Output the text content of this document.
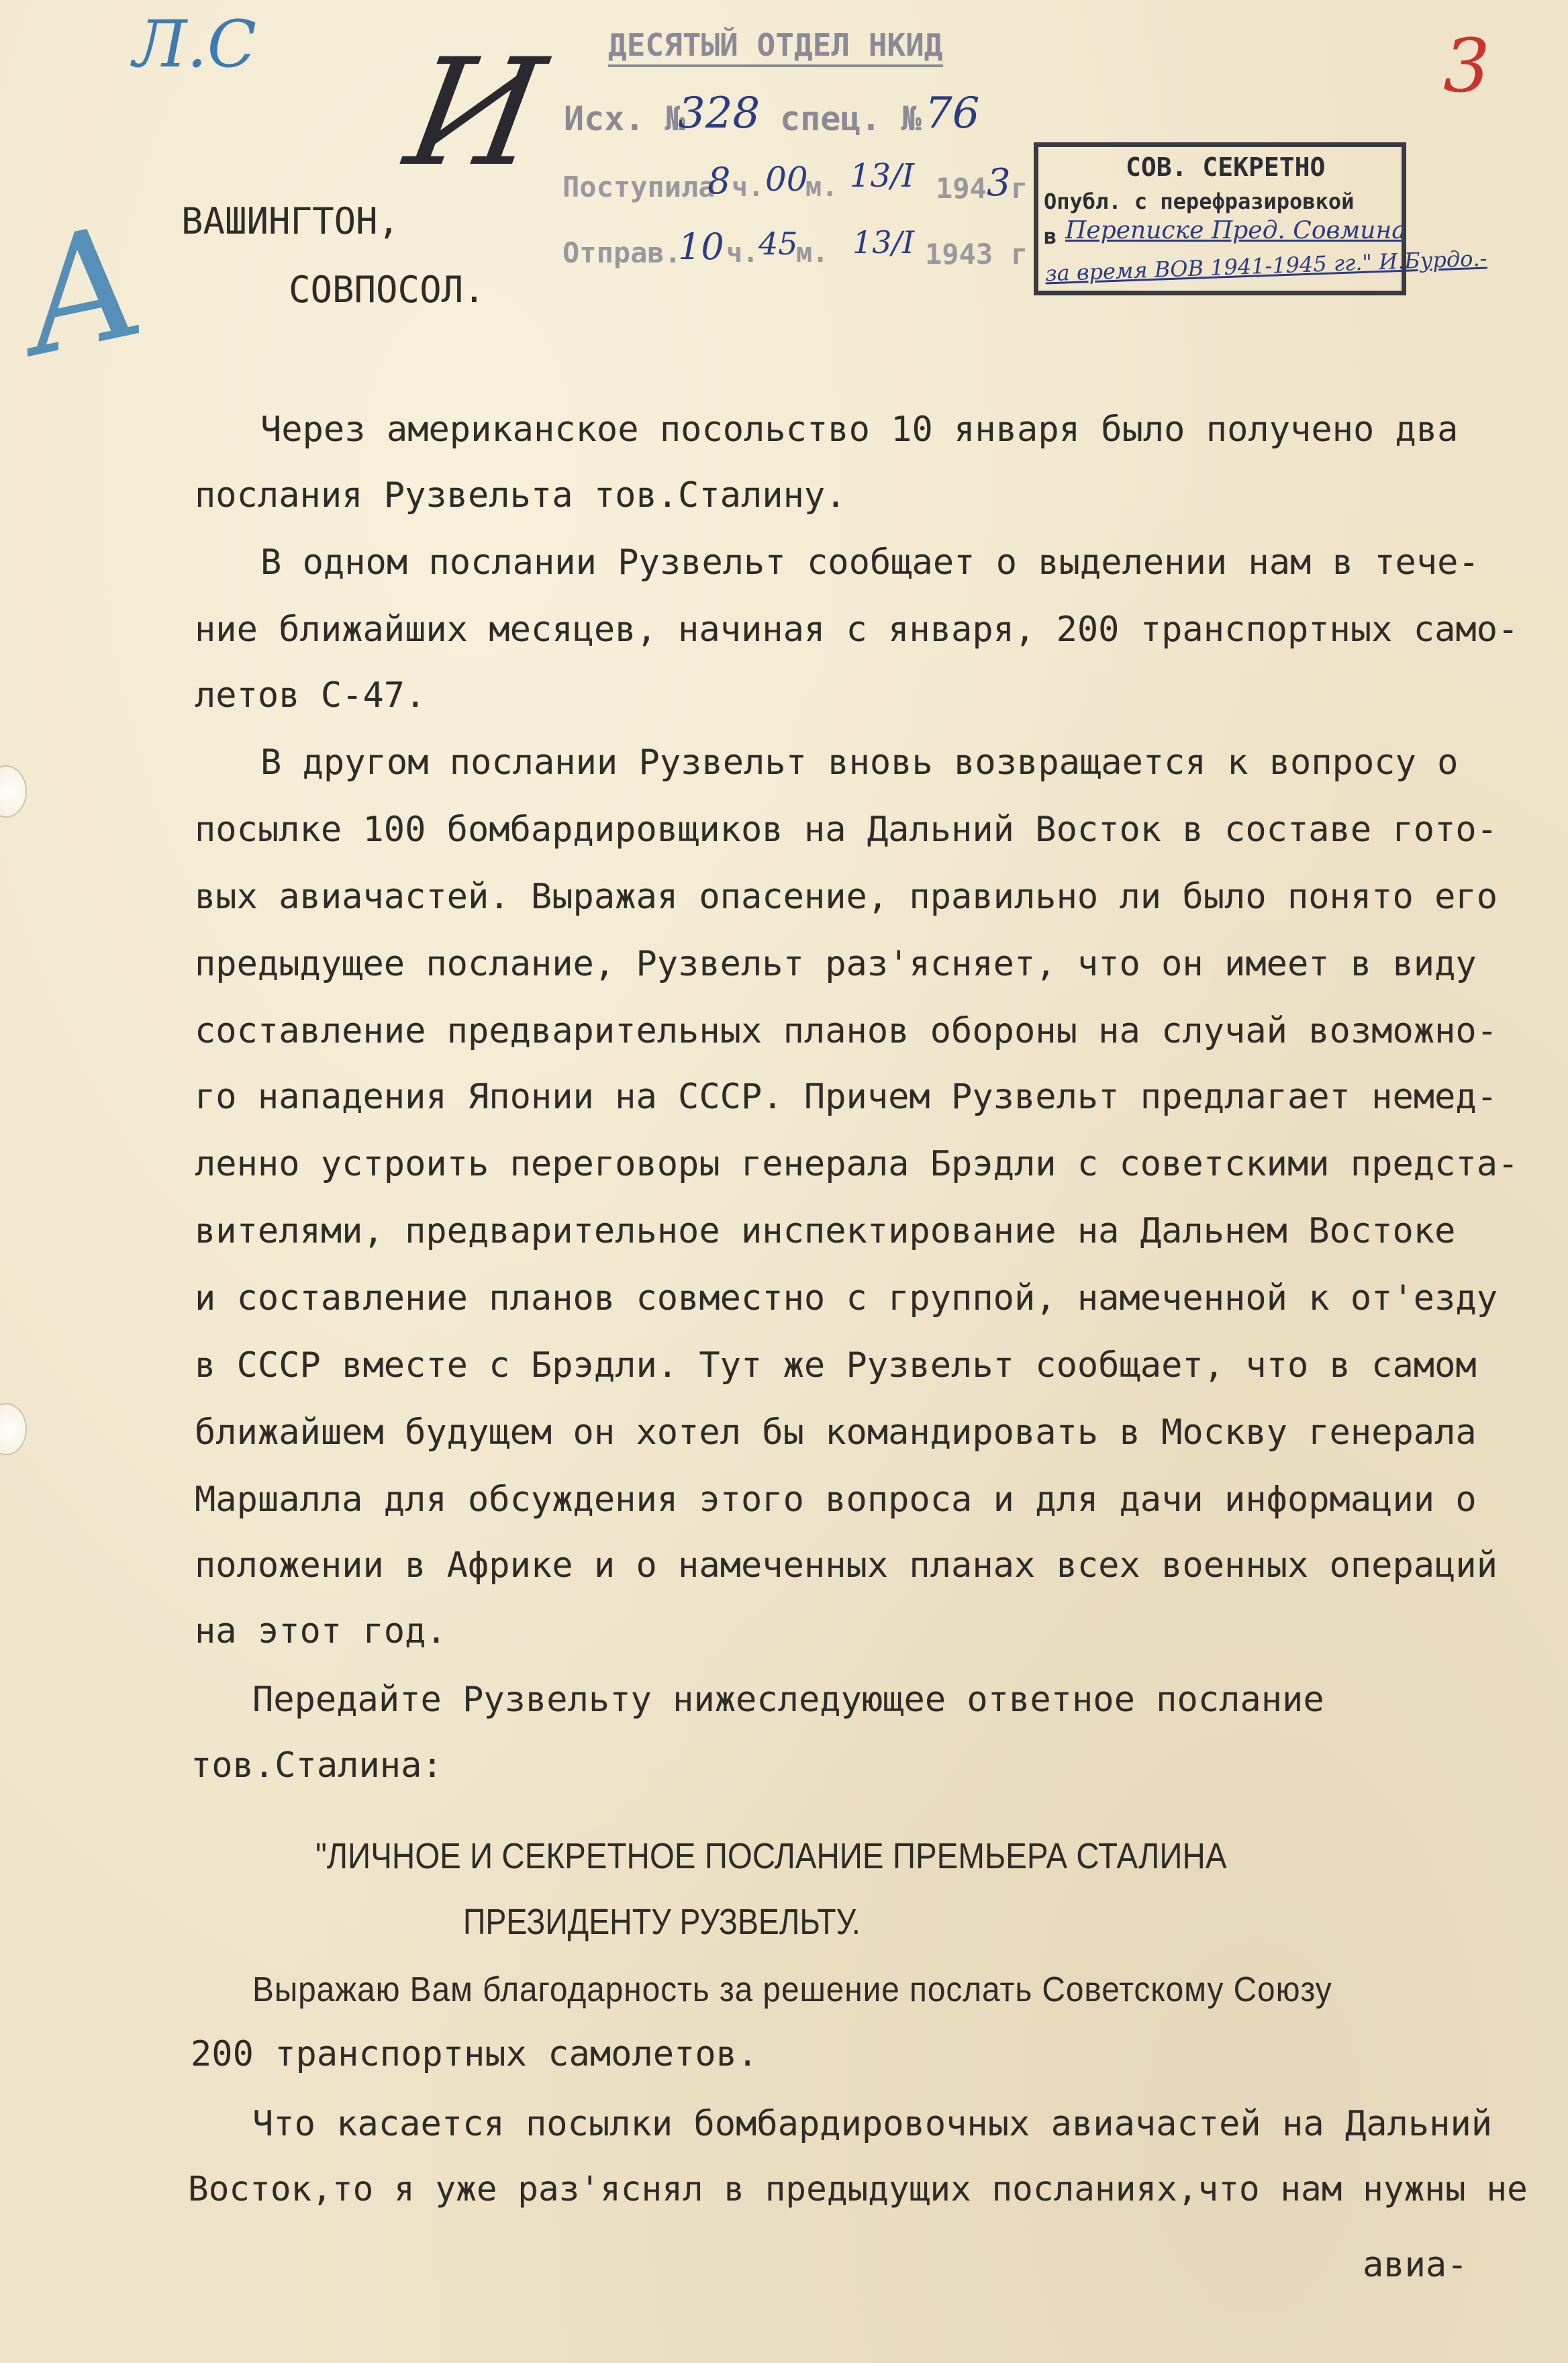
Л.С
А
И	3
ДЕСЯТЫЙ ОТДЕЛ НКИД
Исх. №
328 спец. № 76
Поступила
8 ч. 00
м. 13/I 194 3 г
Отправ.
10 ч. 45
м. 13/I 1943 г
СОВ. СЕКРЕТНО
Опубл. с перефразировкой
в Переписке Пред. Совмина
за время ВОВ 1941-1945 гг." И.Бурдо.-
ВАШИНГТОН,
СОВПОСОЛ.
Через американское посольство 10 января было получено два
послания Рузвельта тов.Сталину.
В одном послании Рузвельт сообщает о выделении нам в тече-
ние ближайших месяцев, начиная с января, 200 транспортных само-
летов С-47.
В другом послании Рузвельт вновь возвращается к вопросу о
посылке 100 бомбардировщиков на Дальний Восток в составе гото-
вых авиачастей. Выражая опасение, правильно ли было понято его
предыдущее послание, Рузвельт раз'ясняет, что он имеет в виду
составление предварительных планов обороны на случай возможно-
го нападения Японии на СССР. Причем Рузвельт предлагает немед-
ленно устроить переговоры генерала Брэдли с советскими предста-
вителями, предварительное инспектирование на Дальнем Востоке
и составление планов совместно с группой, намеченной к от'езду
в СССР вместе с Брэдли. Тут же Рузвельт сообщает, что в самом
ближайшем будущем он хотел бы командировать в Москву генерала
Маршалла для обсуждения этого вопроса и для дачи информации о
положении в Африке и о намеченных планах всех военных операций
на этот год.
Передайте Рузвельту нижеследующее ответное послание
тов.Сталина:
"ЛИЧНОЕ И СЕКРЕТНОЕ ПОСЛАНИЕ ПРЕМЬЕРА СТАЛИНА
ПРЕЗИДЕНТУ РУЗВЕЛЬТУ.
Выражаю Вам благодарность за решение послать Советскому Союзу
200 транспортных самолетов.
Что касается посылки бомбардировочных авиачастей на Дальний
Восток,то я уже раз'яснял в предыдущих посланиях,что нам нужны не
авиа-
